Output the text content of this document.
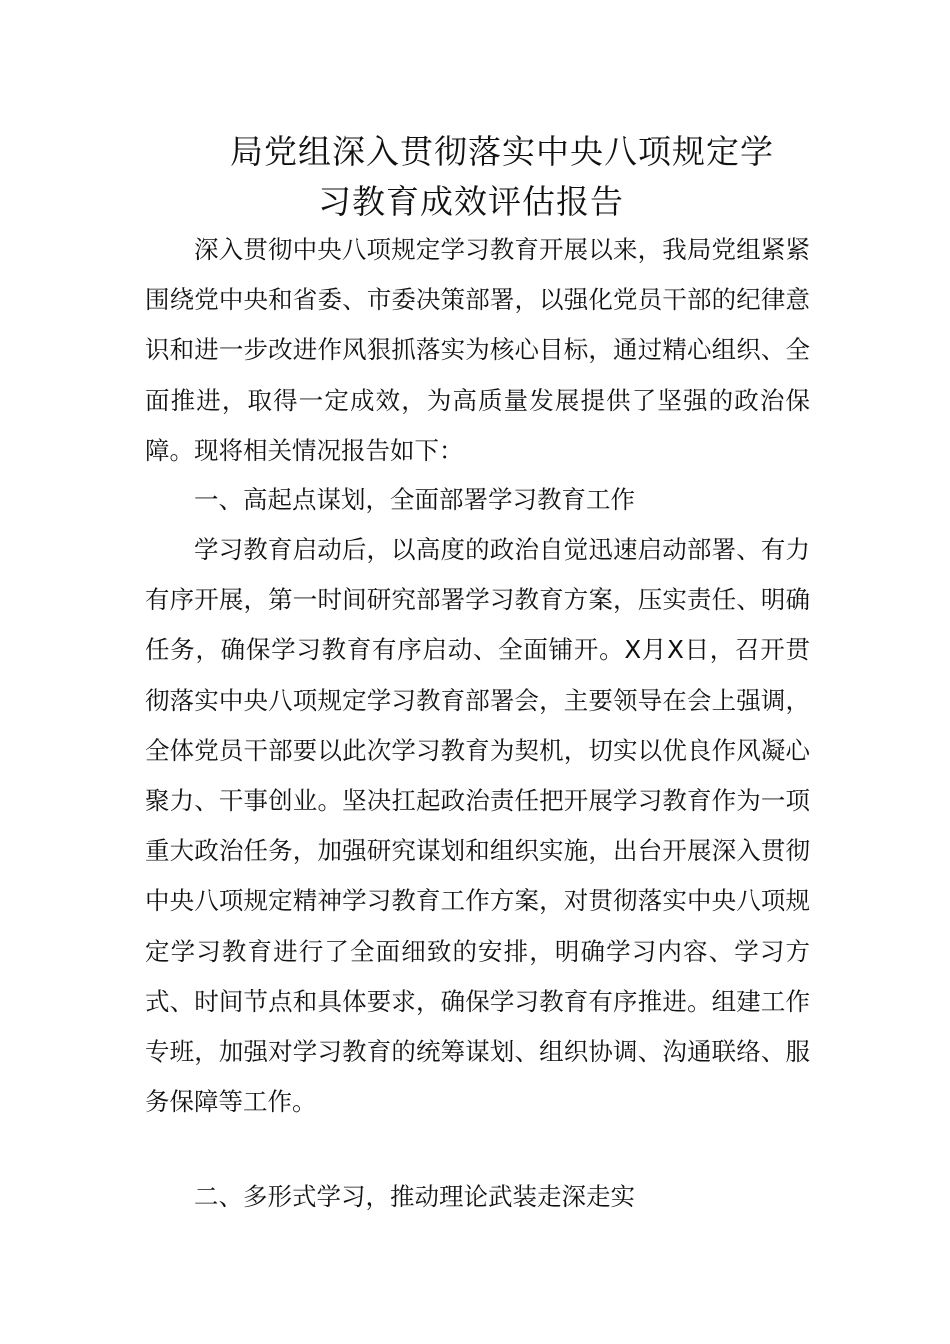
局党组深入贯彻落实中央八项规定学
习教育成效评估报告

深入贯彻中央八项规定学习教育开展以来，我局党组紧紧围绕党中央和省委、市委决策部署，以强化党员干部的纪律意识和进一步改进作风狠抓落实为核心目标，通过精心组织、全面推进，取得一定成效，为高质量发展提供了坚强的政治保障。现将相关情况报告如下：

一、高起点谋划，全面部署学习教育工作

学习教育启动后，以高度的政治自觉迅速启动部署、有力有序开展，第一时间研究部署学习教育方案，压实责任、明确任务，确保学习教育有序启动、全面铺开。X月X日，召开贯彻落实中央八项规定学习教育部署会，主要领导在会上强调，全体党员干部要以此次学习教育为契机，切实以优良作风凝心聚力、干事创业。坚决扛起政治责任把开展学习教育作为一项重大政治任务，加强研究谋划和组织实施，出台开展深入贯彻中央八项规定精神学习教育工作方案，对贯彻落实中央八项规定学习教育进行了全面细致的安排，明确学习内容、学习方式、时间节点和具体要求，确保学习教育有序推进。组建工作专班，加强对学习教育的统筹谋划、组织协调、沟通联络、服务保障等工作。

二、多形式学习，推动理论武装走深走实
